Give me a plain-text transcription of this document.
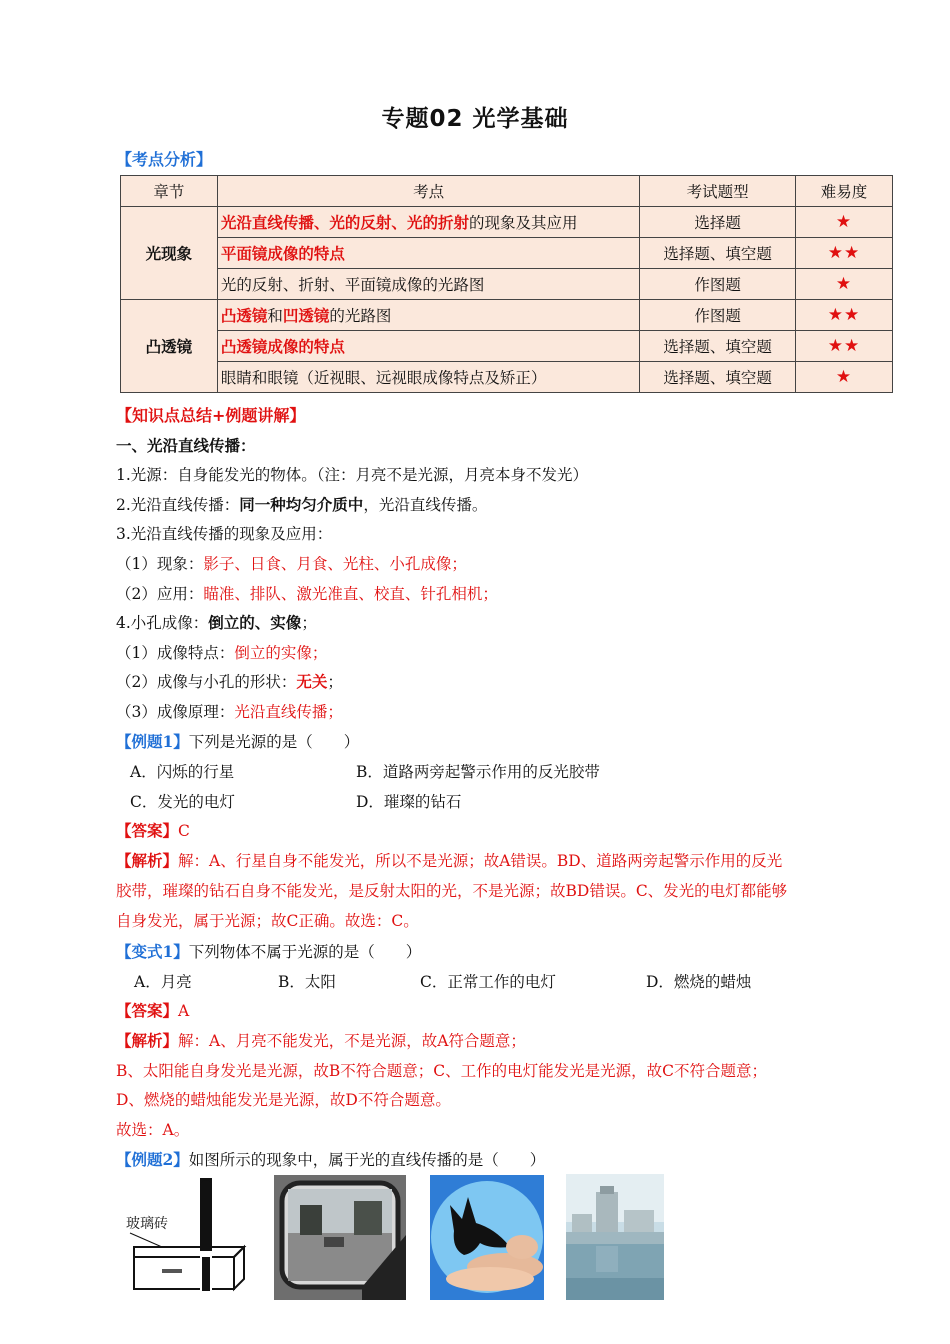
专题02 光学基础
【考点分析】
章节	考点	考试题型	难易度
光现象	光沿直线传播、光的反射、光的折射的现象及其应用	选择题	★
	平面镜成像的特点	选择题、填空题	★★
	光的反射、折射、平面镜成像的光路图	作图题	★
凸透镜	凸透镜和凹透镜的光路图	作图题	★★
	凸透镜成像的特点	选择题、填空题	★★
	眼睛和眼镜（近视眼、远视眼成像特点及矫正）	选择题、填空题	★
【知识点总结+例题讲解】
一、光沿直线传播：
1.光源：自身能发光的物体。（注：月亮不是光源，月亮本身不发光）
2.光沿直线传播：同一种均匀介质中，光沿直线传播。
3.光沿直线传播的现象及应用：
（1）现象：影子、日食、月食、光柱、小孔成像；
（2）应用：瞄准、排队、激光准直、校直、针孔相机；
4.小孔成像：倒立的、实像；
（1）成像特点：倒立的实像；
（2）成像与小孔的形状：无关；
（3）成像原理：光沿直线传播；
【例题1】下列是光源的是（　　）
A．闪烁的行星	B．道路两旁起警示作用的反光胶带
C．发光的电灯	D．璀璨的钻石
【答案】C
【解析】解：A、行星自身不能发光，所以不是光源；故A错误。BD、道路两旁起警示作用的反光
胶带，璀璨的钻石自身不能发光，是反射太阳的光，不是光源；故BD错误。C、发光的电灯都能够
自身发光，属于光源；故C正确。故选：C。
【变式1】下列物体不属于光源的是（　　）
A．月亮	B．太阳	C．正常工作的电灯	D．燃烧的蜡烛
【答案】A
【解析】解：A、月亮不能发光，不是光源，故A符合题意；
B、太阳能自身发光是光源，故B不符合题意；C、工作的电灯能发光是光源，故C不符合题意；
D、燃烧的蜡烛能发光是光源，故D不符合题意。
故选：A。
【例题2】如图所示的现象中，属于光的直线传播的是（　　）
玻璃砖
